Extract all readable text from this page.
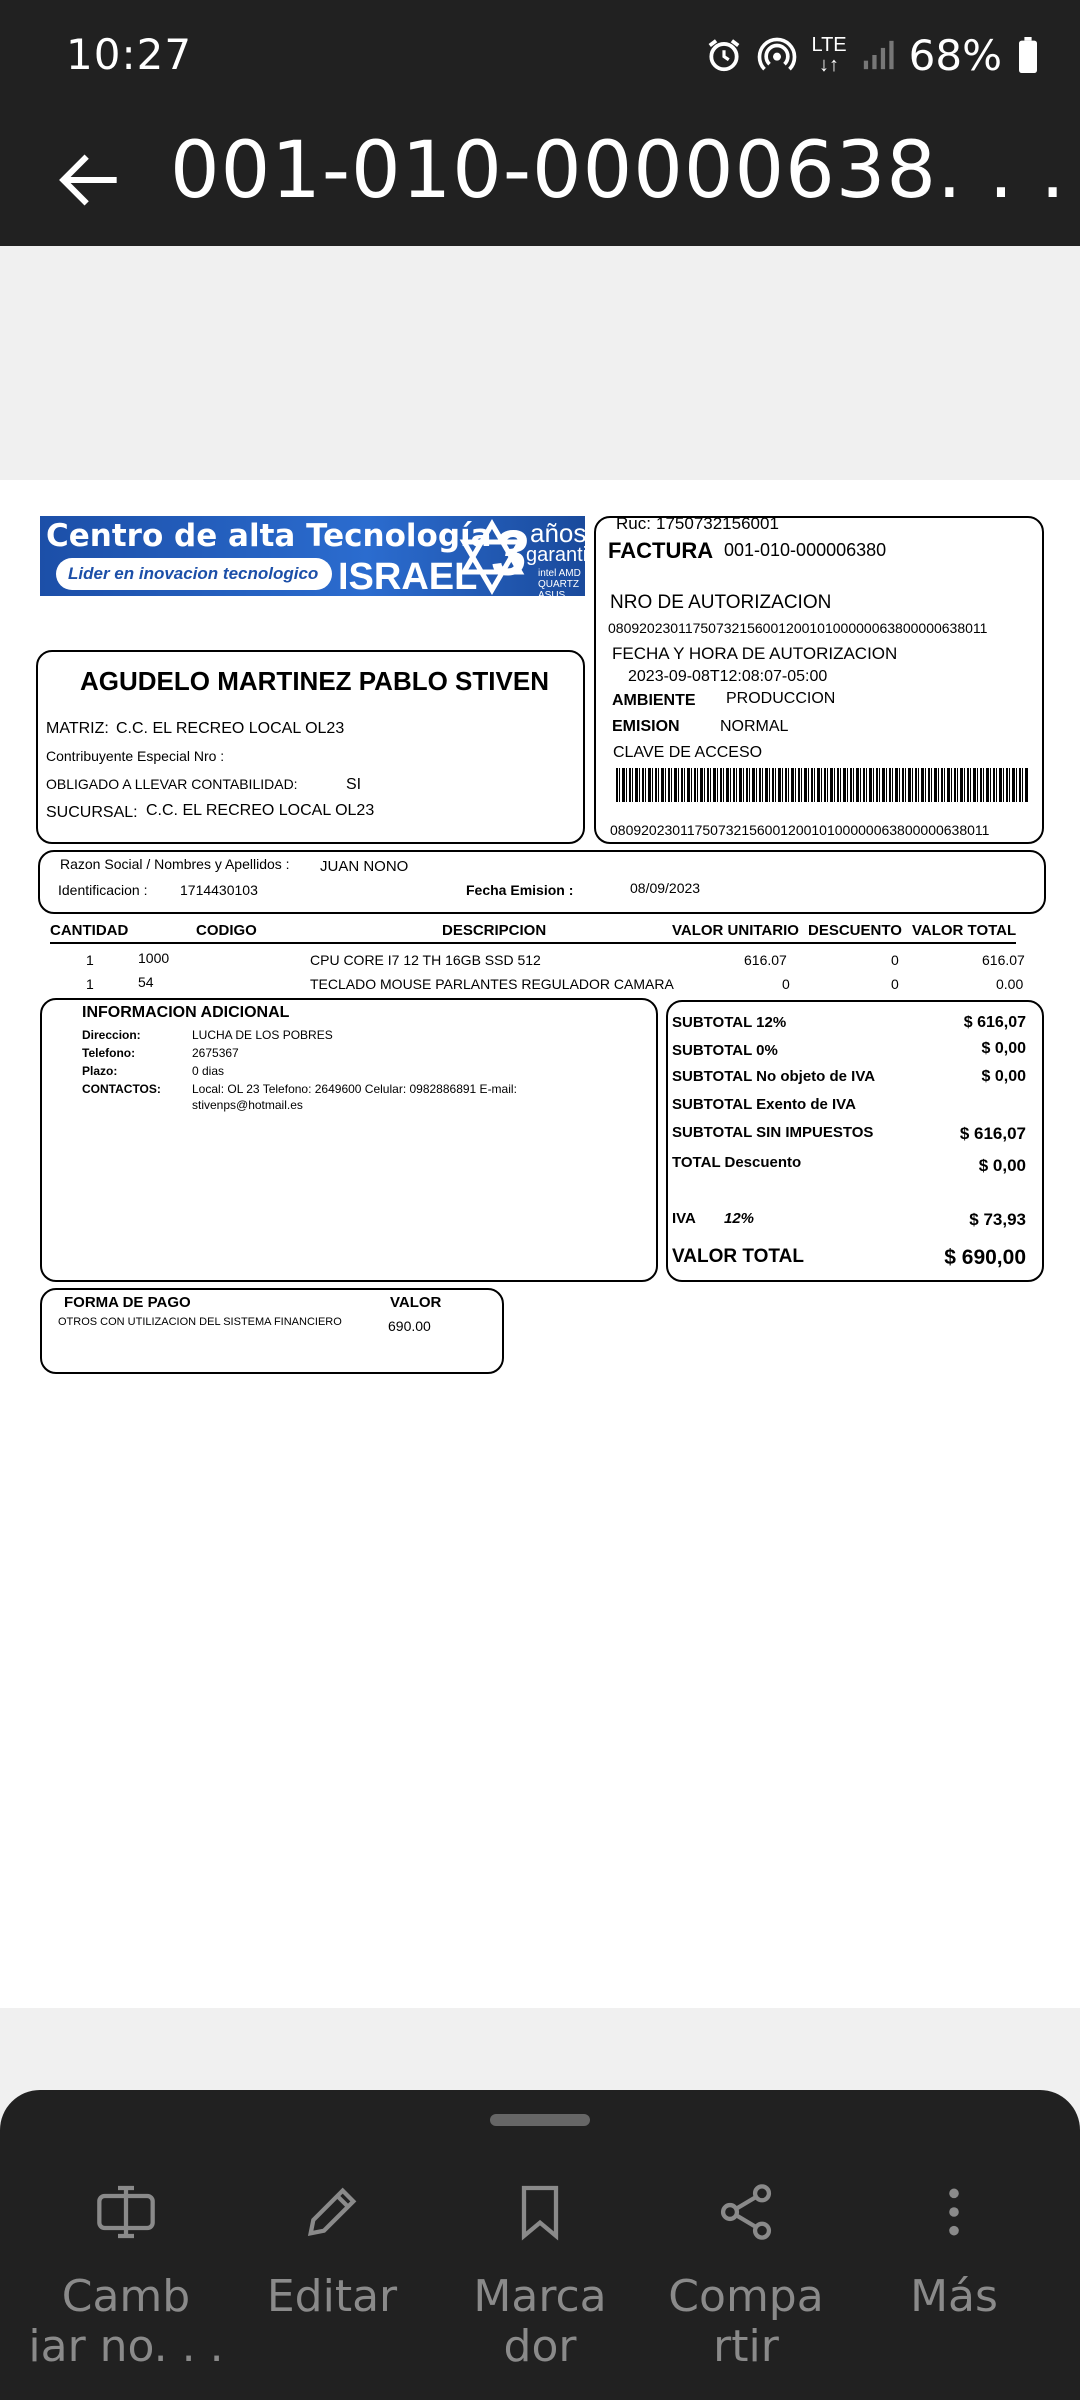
10:27	LTE
↓↑ 68%
001-010-00000638. . .
Centro de alta Tecnología
Lider en inovacion tecnologico ISRAEL 3 años
garantia
intel AMD QUARTZ ASUS
Ruc: 1750732156001
FACTURA 001-010-000006380
NRO DE AUTORIZACION
0809202301175073215600120010100000063800000638011
FECHA Y HORA DE AUTORIZACION
2023-09-08T12:08:07-05:00
AMBIENTE PRODUCCION
EMISION	NORMAL
CLAVE DE ACCESO
0809202301175073215600120010100000063800000638011
AGUDELO MARTINEZ PABLO STIVEN
MATRIZ: C.C. EL RECREO LOCAL OL23
Contribuyente Especial Nro :
OBLIGADO A LLEVAR CONTABILIDAD:	SI
SUCURSAL: C.C. EL RECREO LOCAL OL23
Razon Social / Nombres y Apellidos : JUAN NONO
Identificacion : 1714430103	Fecha Emision :	08/09/2023
CANTIDAD	CODIGO	DESCRIPCION	VALOR UNITARIO DESCUENTO VALOR TOTAL
1	1000	CPU CORE I7 12 TH 16GB SSD 512	616.07	0	616.07
1	54	TECLADO MOUSE PARLANTES REGULADOR CAMARA	0	0	0.00
INFORMACION ADICIONAL
Direccion:	LUCHA DE LOS POBRES
Telefono:	2675367
Plazo:	0 dias
CONTACTOS:	Local: OL 23 Telefono: 2649600 Celular: 0982886891 E-mail:
stivenps@hotmail.es
SUBTOTAL 12%	$ 616,07
SUBTOTAL 0%	$ 0,00
SUBTOTAL No objeto de IVA	$ 0,00
SUBTOTAL Exento de IVA
SUBTOTAL SIN IMPUESTOS	$ 616,07
TOTAL Descuento	$ 0,00
IVA 12%	$ 73,93
VALOR TOTAL	$ 690,00
FORMA DE PAGO	VALOR
OTROS CON UTILIZACION DEL SISTEMA FINANCIERO	690.00
Camb
iar no. . .
Editar	Marca
dor
Compa
rtir
Más
